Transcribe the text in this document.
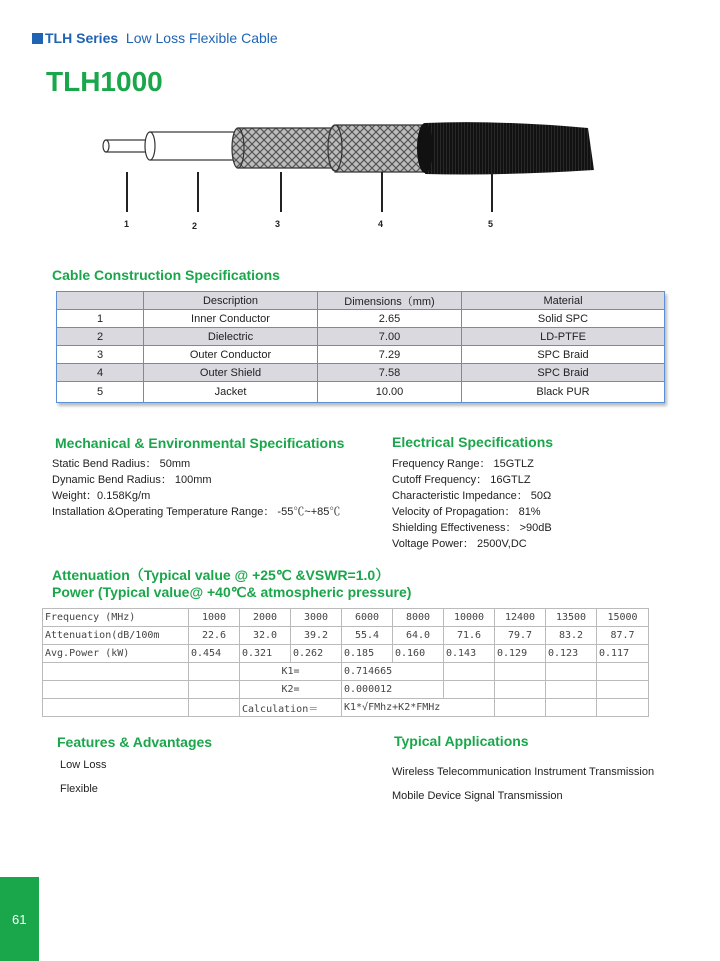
TLH Series Low Loss Flexible Cable
TLH1000
1	2	3	4	5
Cable Construction Specifications
	Description	Dimensions（mm)	Material
1	Inner Conductor	2.65	Solid SPC
2	Dielectric	7.00	LD-PTFE
3	Outer Conductor	7.29	SPC Braid
4	Outer Shield	7.58	SPC Braid
5	Jacket	10.00	Black PUR
Mechanical & Environmental Specifications
Static Bend Radius： 50mm
Dynamic Bend Radius： 100mm
Weight：0.158Kg/m
Installation &Operating Temperature Range： -55℃~+85℃
Electrical Specifications
Frequency Range： 15GTLZ
Cutoff Frequency： 16GTLZ
Characteristic Impedance： 50Ω
Velocity of Propagation： 81%
Shielding Effectiveness： >90dB
Voltage Power： 2500V,DC
Attenuation（Typical value @ +25℃ &VSWR=1.0）
Power (Typical value@ +40℃& atmospheric pressure)
Frequency (MHz)	1000	2000	3000	6000	8000	10000	12400	13500	15000
Attenuation(dB/100m	22.6	32.0	39.2	55.4	64.0	71.6	79.7	83.2	87.7
Avg.Power (kW)	0.454	0.321	0.262	0.185	0.160	0.143	0.129	0.123	0.117
		K1=		0.714665					
		K2=		0.000012					
		Calculation＝		K1*√FMhz+K2*FMHz					
Features & Advantages
Low Loss
Flexible
Typical Applications
Wireless Telecommunication Instrument Transmission
Mobile Device Signal Transmission
61
